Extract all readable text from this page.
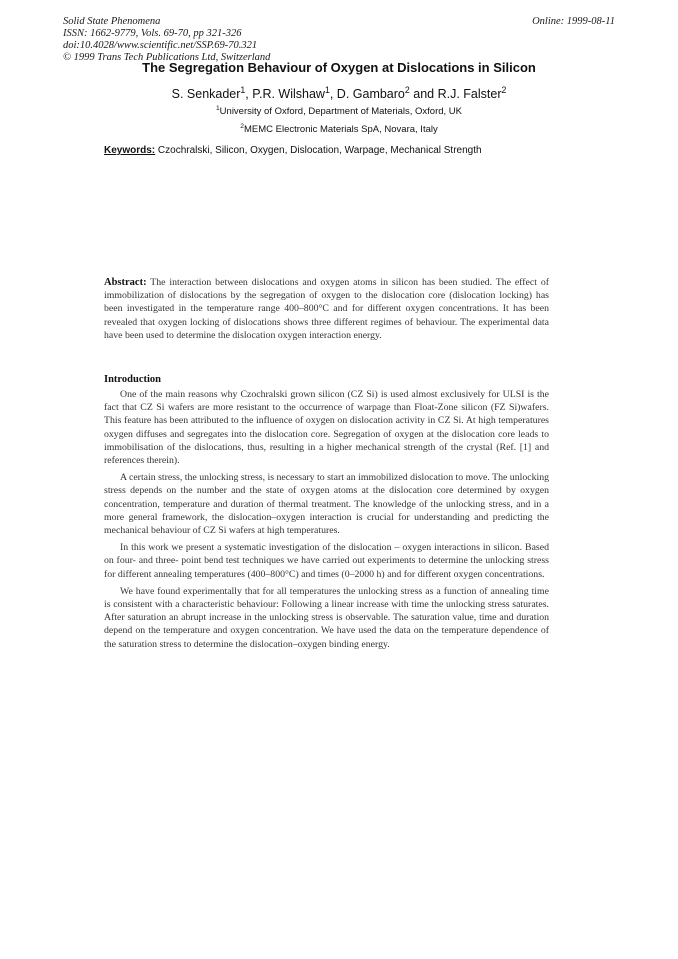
Solid State Phenomena
ISSN: 1662-9779, Vols. 69-70, pp 321-326
doi:10.4028/www.scientific.net/SSP.69-70.321
© 1999 Trans Tech Publications Ltd, Switzerland
Online: 1999-08-11
The Segregation Behaviour of Oxygen at Dislocations in Silicon
S. Senkader$^1$, P.R. Wilshaw$^1$, D. Gambaro$^2$ and R.J. Falster$^2$
$^1$University of Oxford, Department of Materials, Oxford, UK
$^2$MEMC Electronic Materials SpA, Novara, Italy
Keywords: Czochralski, Silicon, Oxygen, Dislocation, Warpage, Mechanical Strength
Abstract: The interaction between dislocations and oxygen atoms in silicon has been studied. The effect of immobilization of dislocations by the segregation of oxygen to the dislocation core (dislocation locking) has been investigated in the temperature range 400–800°C and for different oxygen concentrations. It has been revealed that oxygen locking of dislocations shows three different regimes of behaviour. The experimental data have been used to determine the dislocation oxygen interaction energy.
Introduction

One of the main reasons why Czochralski grown silicon (CZ Si) is used almost exclusively for ULSI is the fact that CZ Si wafers are more resistant to the occurrence of warpage than Float-Zone silicon (FZ Si)wafers. This feature has been attributed to the influence of oxygen on dislocation activity in CZ Si. At high temperatures oxygen diffuses and segregates into the dislocation core. Segregation of oxygen at the dislocation core leads to immobilisation of the dislocations, thus, resulting in a higher mechanical strength of the crystal (Ref. [1] and references therein).

A certain stress, the unlocking stress, is necessary to start an immobilized dislocation to move. The unlocking stress depends on the number and the state of oxygen atoms at the dislocation core determined by oxygen concentration, temperature and duration of thermal treatment. The knowledge of the unlocking stress, and in a more general framework, the dislocation–oxygen interaction is crucial for understanding and predicting the mechanical behaviour of CZ Si wafers at high temperatures.

In this work we present a systematic investigation of the dislocation – oxygen interactions in silicon. Based on four- and three- point bend test techniques we have carried out experiments to determine the unlocking stress for different annealing temperatures (400–800°C) and times (0–2000 h) and for different oxygen concentrations.

We have found experimentally that for all temperatures the unlocking stress as a function of annealing time is consistent with a characteristic behaviour: Following a linear increase with time the unlocking stress saturates. After saturation an abrupt increase in the unlocking stress is observable. The saturation value, time and duration depend on the temperature and oxygen concentration. We have used the data on the temperature dependence of the saturation stress to determine the dislocation–oxygen binding energy.
